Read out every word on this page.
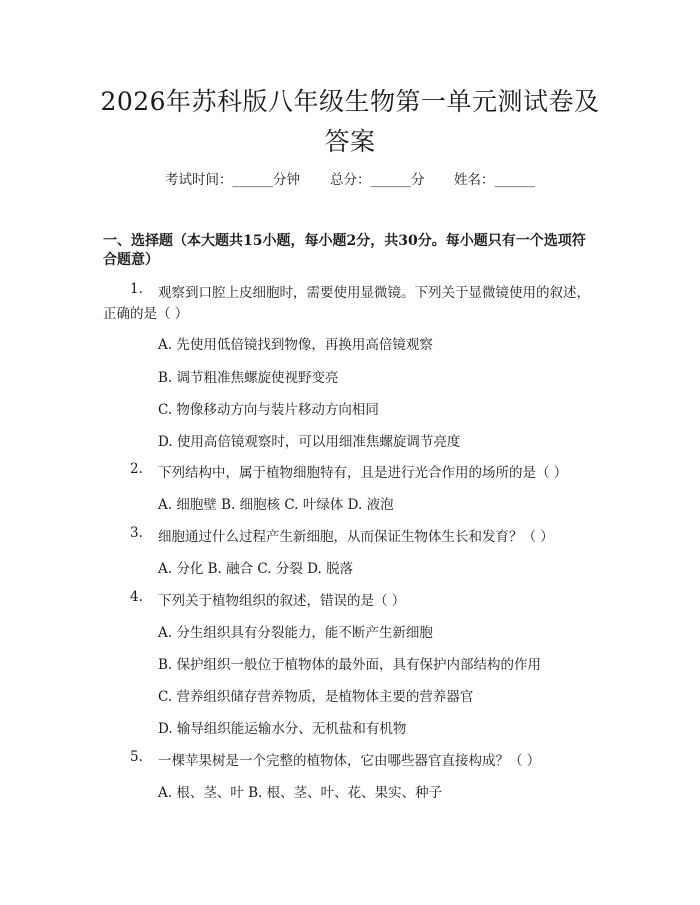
2026年苏科版八年级生物第一单元测试卷及
答案
考试时间：______分钟 总分：______分 姓名：______
一、选择题（本大题共15小题，每小题2分，共30分。每小题只有一个选项符
合题意）
1. 观察到口腔上皮细胞时，需要使用显微镜。下列关于显微镜使用的叙述，
正确的是（ ）
A. 先使用低倍镜找到物像，再换用高倍镜观察
B. 调节粗准焦螺旋使视野变亮
C. 物像移动方向与装片移动方向相同
D. 使用高倍镜观察时，可以用细准焦螺旋调节亮度
2. 下列结构中，属于植物细胞特有，且是进行光合作用的场所的是（ ）
A. 细胞壁 B. 细胞核 C. 叶绿体 D. 液泡
3. 细胞通过什么过程产生新细胞，从而保证生物体生长和发育？（ ）
A. 分化 B. 融合 C. 分裂 D. 脱落
4. 下列关于植物组织的叙述，错误的是（ ）
A. 分生组织具有分裂能力，能不断产生新细胞
B. 保护组织一般位于植物体的最外面，具有保护内部结构的作用
C. 营养组织储存营养物质，是植物体主要的营养器官
D. 输导组织能运输水分、无机盐和有机物
5. 一棵苹果树是一个完整的植物体，它由哪些器官直接构成？（ ）
A. 根、茎、叶 B. 根、茎、叶、花、果实、种子
